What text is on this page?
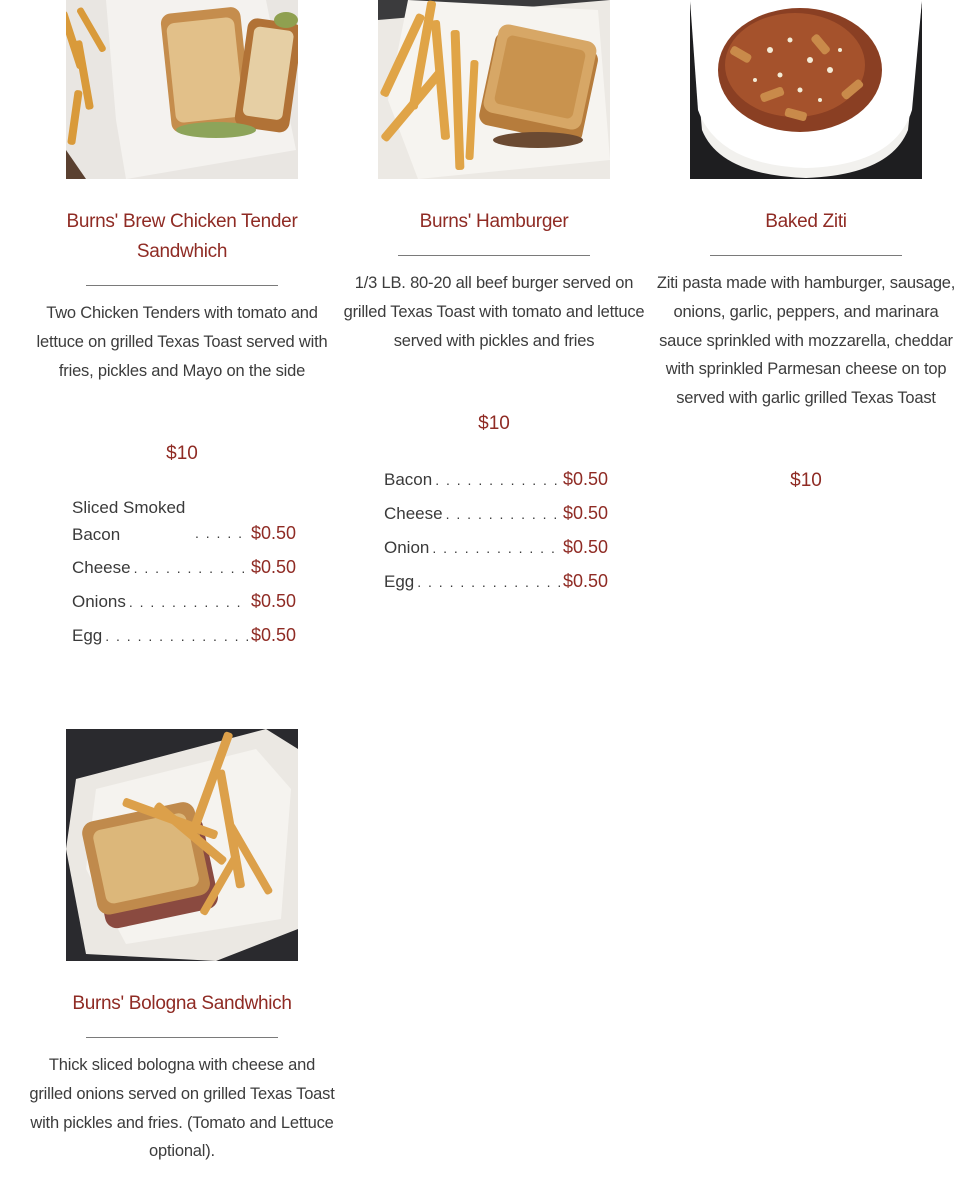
Burns' Brew Chicken Tender Sandwhich
Two Chicken Tenders with tomato and lettuce on grilled Texas Toast served with fries, pickles and Mayo on the side
$10
Sliced Smoked Bacon . . .	$0.50
Cheese . . .	$0.50
Onions . . .	$0.50
Egg . . .	$0.50
Burns' Hamburger
1/3 LB. 80-20 all beef burger served on grilled Texas Toast with tomato and lettuce served with pickles and fries
$10
Bacon . . .	$0.50
Cheese . . .	$0.50
Onion . . .	$0.50
Egg . . .	$0.50
Baked Ziti
Ziti pasta made with hamburger, sausage, onions, garlic, peppers, and marinara sauce sprinkled with mozzarella, cheddar with sprinkled Parmesan cheese on top served with garlic grilled Texas Toast
$10
Burns' Bologna Sandwhich
Thick sliced bologna with cheese and grilled onions served on grilled Texas Toast with pickles and fries. (Tomato and Lettuce optional).
